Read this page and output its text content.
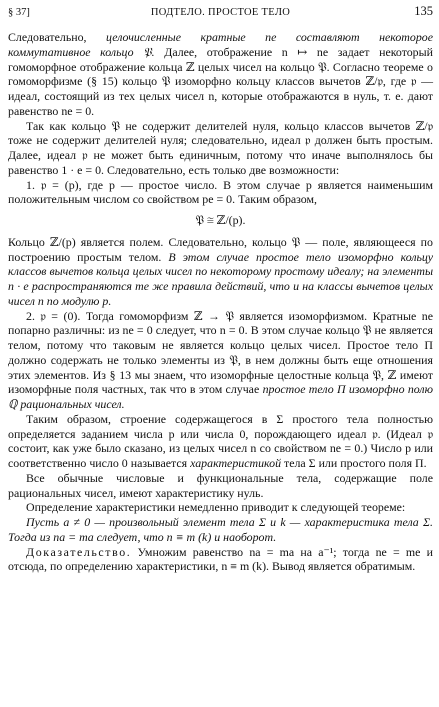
§ 37]	ПОДТЕЛО. ПРОСТОЕ ТЕЛО	135

Следовательно, целочисленные кратные ne составляют некоторое коммутативное кольцо 𝔓. Далее, отображение n ↦ ne задает некоторый гомоморфное отображение кольца ℤ целых чисел на кольцо 𝔓. Согласно теореме о гомоморфизме (§ 15) кольцо 𝔓 изоморфно кольцу классов вычетов ℤ/𝔭, где 𝔭 — идеал, состоящий из тех целых чисел n, которые отображаются в нуль, т. е. дают равенство ne = 0.

Так как кольцо 𝔓 не содержит делителей нуля, кольцо классов вычетов ℤ/𝔭 тоже не содержит делителей нуля; следовательно, идеал 𝔭 должен быть простым. Далее, идеал 𝔭 не может быть единичным, потому что иначе выполнялось бы равенство 1 · e = 0. Следовательно, есть только две возможности:

1. 𝔭 = (p), где p — простое число. В этом случае p является наименьшим положительным числом со свойством pe = 0. Таким образом,

𝔓 ≅ ℤ/(p).

Кольцо ℤ/(p) является полем. Следовательно, кольцо 𝔓 — поле, являющееся по построению простым телом. В этом случае простое тело изоморфно кольцу классов вычетов кольца целых чисел по некоторому простому идеалу; на элементы n · e распространяются те же правила действий, что и на классы вычетов целых чисел n по модулю p.

2. 𝔭 = (0). Тогда гомоморфизм ℤ → 𝔓 является изоморфизмом. Кратные ne попарно различны: из ne = 0 следует, что n = 0. В этом случае кольцо 𝔓 не является телом, потому что таковым не является кольцо целых чисел. Простое тело Π должно содержать не только элементы из 𝔓, в нем должны быть еще отношения этих элементов. Из § 13 мы знаем, что изоморфные целостные кольца 𝔓, ℤ имеют изоморфные поля частных, так что в этом случае простое тело Π изоморфно полю ℚ рациональных чисел.

Таким образом, строение содержащегося в Σ простого тела полностью определяется заданием числа p или числа 0, порождающего идеал 𝔭. (Идеал 𝔭 состоит, как уже было сказано, из целых чисел n со свойством ne = 0.) Число p или соответственно число 0 называется характеристикой тела Σ или простого поля Π.

Все обычные числовые и функциональные тела, содержащие поле рациональных чисел, имеют характеристику нуль.

Определение характеристики немедленно приводит к следующей теореме:

Пусть a ≠ 0 — произвольный элемент тела Σ и k — характеристика тела Σ. Тогда из na = ma следует, что n ≡ m (k) и наоборот.

Доказательство. Умножим равенство na = ma на a⁻¹; тогда ne = me и отсюда, по определению характеристики, n ≡ m (k). Вывод является обратимым.
